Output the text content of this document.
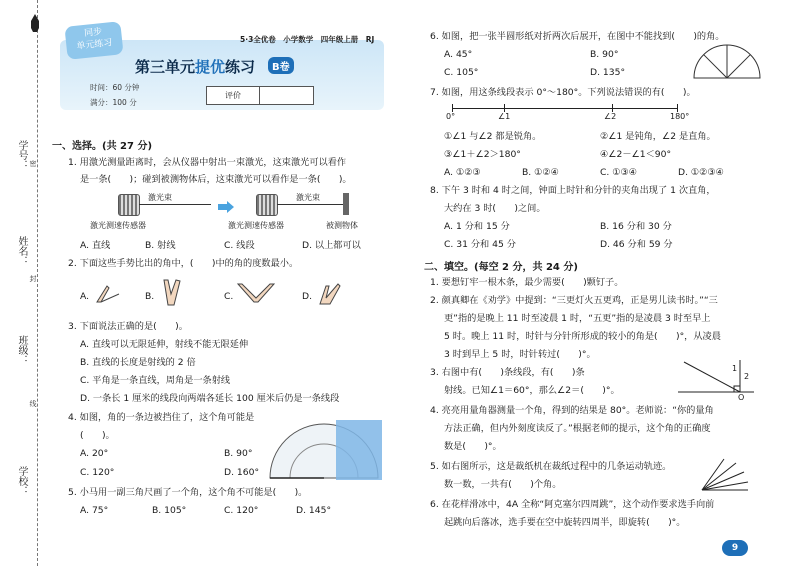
学号：
姓名：
班级：
学校：
密
封
线
同步
单元练习	5·3全优卷　小学数学　四年级上册　RJ
第三单元提优练习	B卷
时间：60 分钟
满分：100 分
评价
一、选择。(共 27 分)
1. 用激光测量距离时，会从仪器中射出一束激光，这束激光可以看作
是一条(　　)；碰到被测物体后，这束激光可以看作是一条(　　)。
激光束	激光束
激光测速传感器	激光测速传感器	被测物体
A. 直线	B. 射线	C. 线段	D. 以上都可以
2. 下面这些手势比出的角中，(　　)中的角的度数最小。
A.	B.	C.	D.
3. 下面说法正确的是(　　)。
A. 直线可以无限延伸，射线不能无限延伸
B. 直线的长度是射线的 2 倍
C. 平角是一条直线，周角是一条射线
D. 一条长 1 厘米的线段向两端各延长 100 厘米后仍是一条线段
4. 如图，角的一条边被挡住了，这个角可能是
(　　)。
A. 20°	B. 90°
C. 120°	D. 160°
5. 小马用一副三角尺画了一个角，这个角不可能是(　　)。
A. 75°	B. 105°	C. 120°	D. 145°
6. 如图，把一张半圆形纸对折两次后展开，在图中不能找到(　　)的角。
A. 45°	B. 90°
C. 105°	D. 135°
7. 如图，用这条线段表示 0°～180°。下列说法错误的有(　　)。
0°	∠1	∠2	180°
①∠1 与∠2 都是锐角。	②∠1 是钝角，∠2 是直角。
③∠1＋∠2＞180°	④∠2－∠1＜90°
A. ①②③	B. ①②④	C. ①③④	D. ①②③④
8. 下午 3 时和 4 时之间，钟面上时针和分针的夹角出现了 1 次直角，
大约在 3 时(　　)之间。
A. 1 分和 15 分	B. 16 分和 30 分
C. 31 分和 45 分	D. 46 分和 59 分
二、填空。(每空 2 分，共 24 分)
1. 要想钉牢一根木条，最少需要(　　)颗钉子。
2. 颜真卿在《劝学》中提到：“三更灯火五更鸡，正是男儿读书时。”“三
更”指的是晚上 11 时至凌晨 1 时，“五更”指的是凌晨 3 时至早上
5 时。晚上 11 时，时针与分针所形成的较小的角是(　　)°，从凌晨
3 时到早上 5 时，时针转过(　　)°。
3. 右图中有(　　)条线段，有(　　)条
射线。已知∠1＝60°，那么∠2＝(　　)°。
1
2
O
4. 亮亮用量角器测量一个角，得到的结果是 80°。老师说：“你的量角
方法正确，但内外刻度读反了。”根据老师的提示，这个角的正确度
数是(　　)°。
5. 如右图所示，这是裁纸机在裁纸过程中的几条运动轨迹。
数一数，一共有(　　)个角。
6. 在花样滑冰中，4A 全称“阿克塞尔四周跳”，这个动作要求选手向前
起跳向后落冰，选手要在空中旋转四周半，即旋转(　　)°。
9
